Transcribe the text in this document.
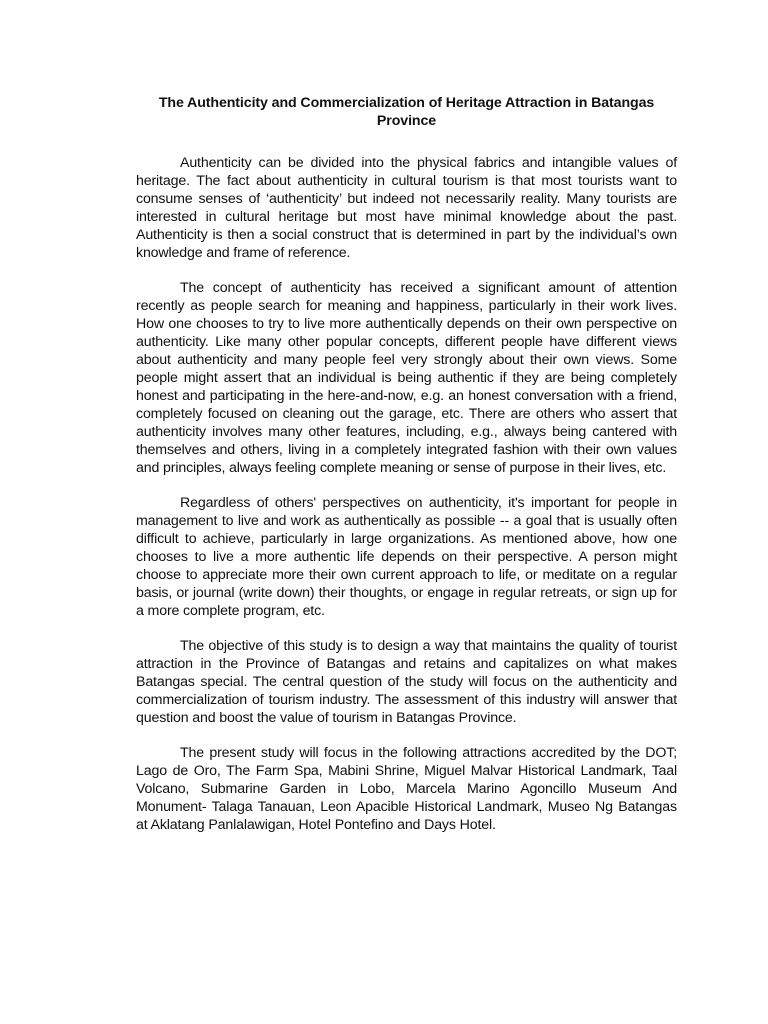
The Authenticity and Commercialization of Heritage Attraction in Batangas Province

Authenticity can be divided into the physical fabrics and intangible values of heritage. The fact about authenticity in cultural tourism is that most tourists want to consume senses of ‘authenticity’ but indeed not necessarily reality. Many tourists are interested in cultural heritage but most have minimal knowledge about the past. Authenticity is then a social construct that is determined in part by the individual’s own knowledge and frame of reference.

The concept of authenticity has received a significant amount of attention recently as people search for meaning and happiness, particularly in their work lives. How one chooses to try to live more authentically depends on their own perspective on authenticity. Like many other popular concepts, different people have different views about authenticity and many people feel very strongly about their own views. Some people might assert that an individual is being authentic if they are being completely honest and participating in the here-and-now, e.g. an honest conversation with a friend, completely focused on cleaning out the garage, etc. There are others who assert that authenticity involves many other features, including, e.g., always being cantered with themselves and others, living in a completely integrated fashion with their own values and principles, always feeling complete meaning or sense of purpose in their lives, etc.

Regardless of others' perspectives on authenticity, it's important for people in management to live and work as authentically as possible -- a goal that is usually often difficult to achieve, particularly in large organizations. As mentioned above, how one chooses to live a more authentic life depends on their perspective. A person might choose to appreciate more their own current approach to life, or meditate on a regular basis, or journal (write down) their thoughts, or engage in regular retreats, or sign up for a more complete program, etc.

The objective of this study is to design a way that maintains the quality of tourist attraction in the Province of Batangas and retains and capitalizes on what makes Batangas special. The central question of the study will focus on the authenticity and commercialization of tourism industry. The assessment of this industry will answer that question and boost the value of tourism in Batangas Province.

The present study will focus in the following attractions accredited by the DOT; Lago de Oro, The Farm Spa, Mabini Shrine, Miguel Malvar Historical Landmark, Taal Volcano, Submarine Garden in Lobo, Marcela Marino Agoncillo Museum And Monument- Talaga Tanauan, Leon Apacible Historical Landmark, Museo Ng Batangas at Aklatang Panlalawigan, Hotel Pontefino and Days Hotel.
